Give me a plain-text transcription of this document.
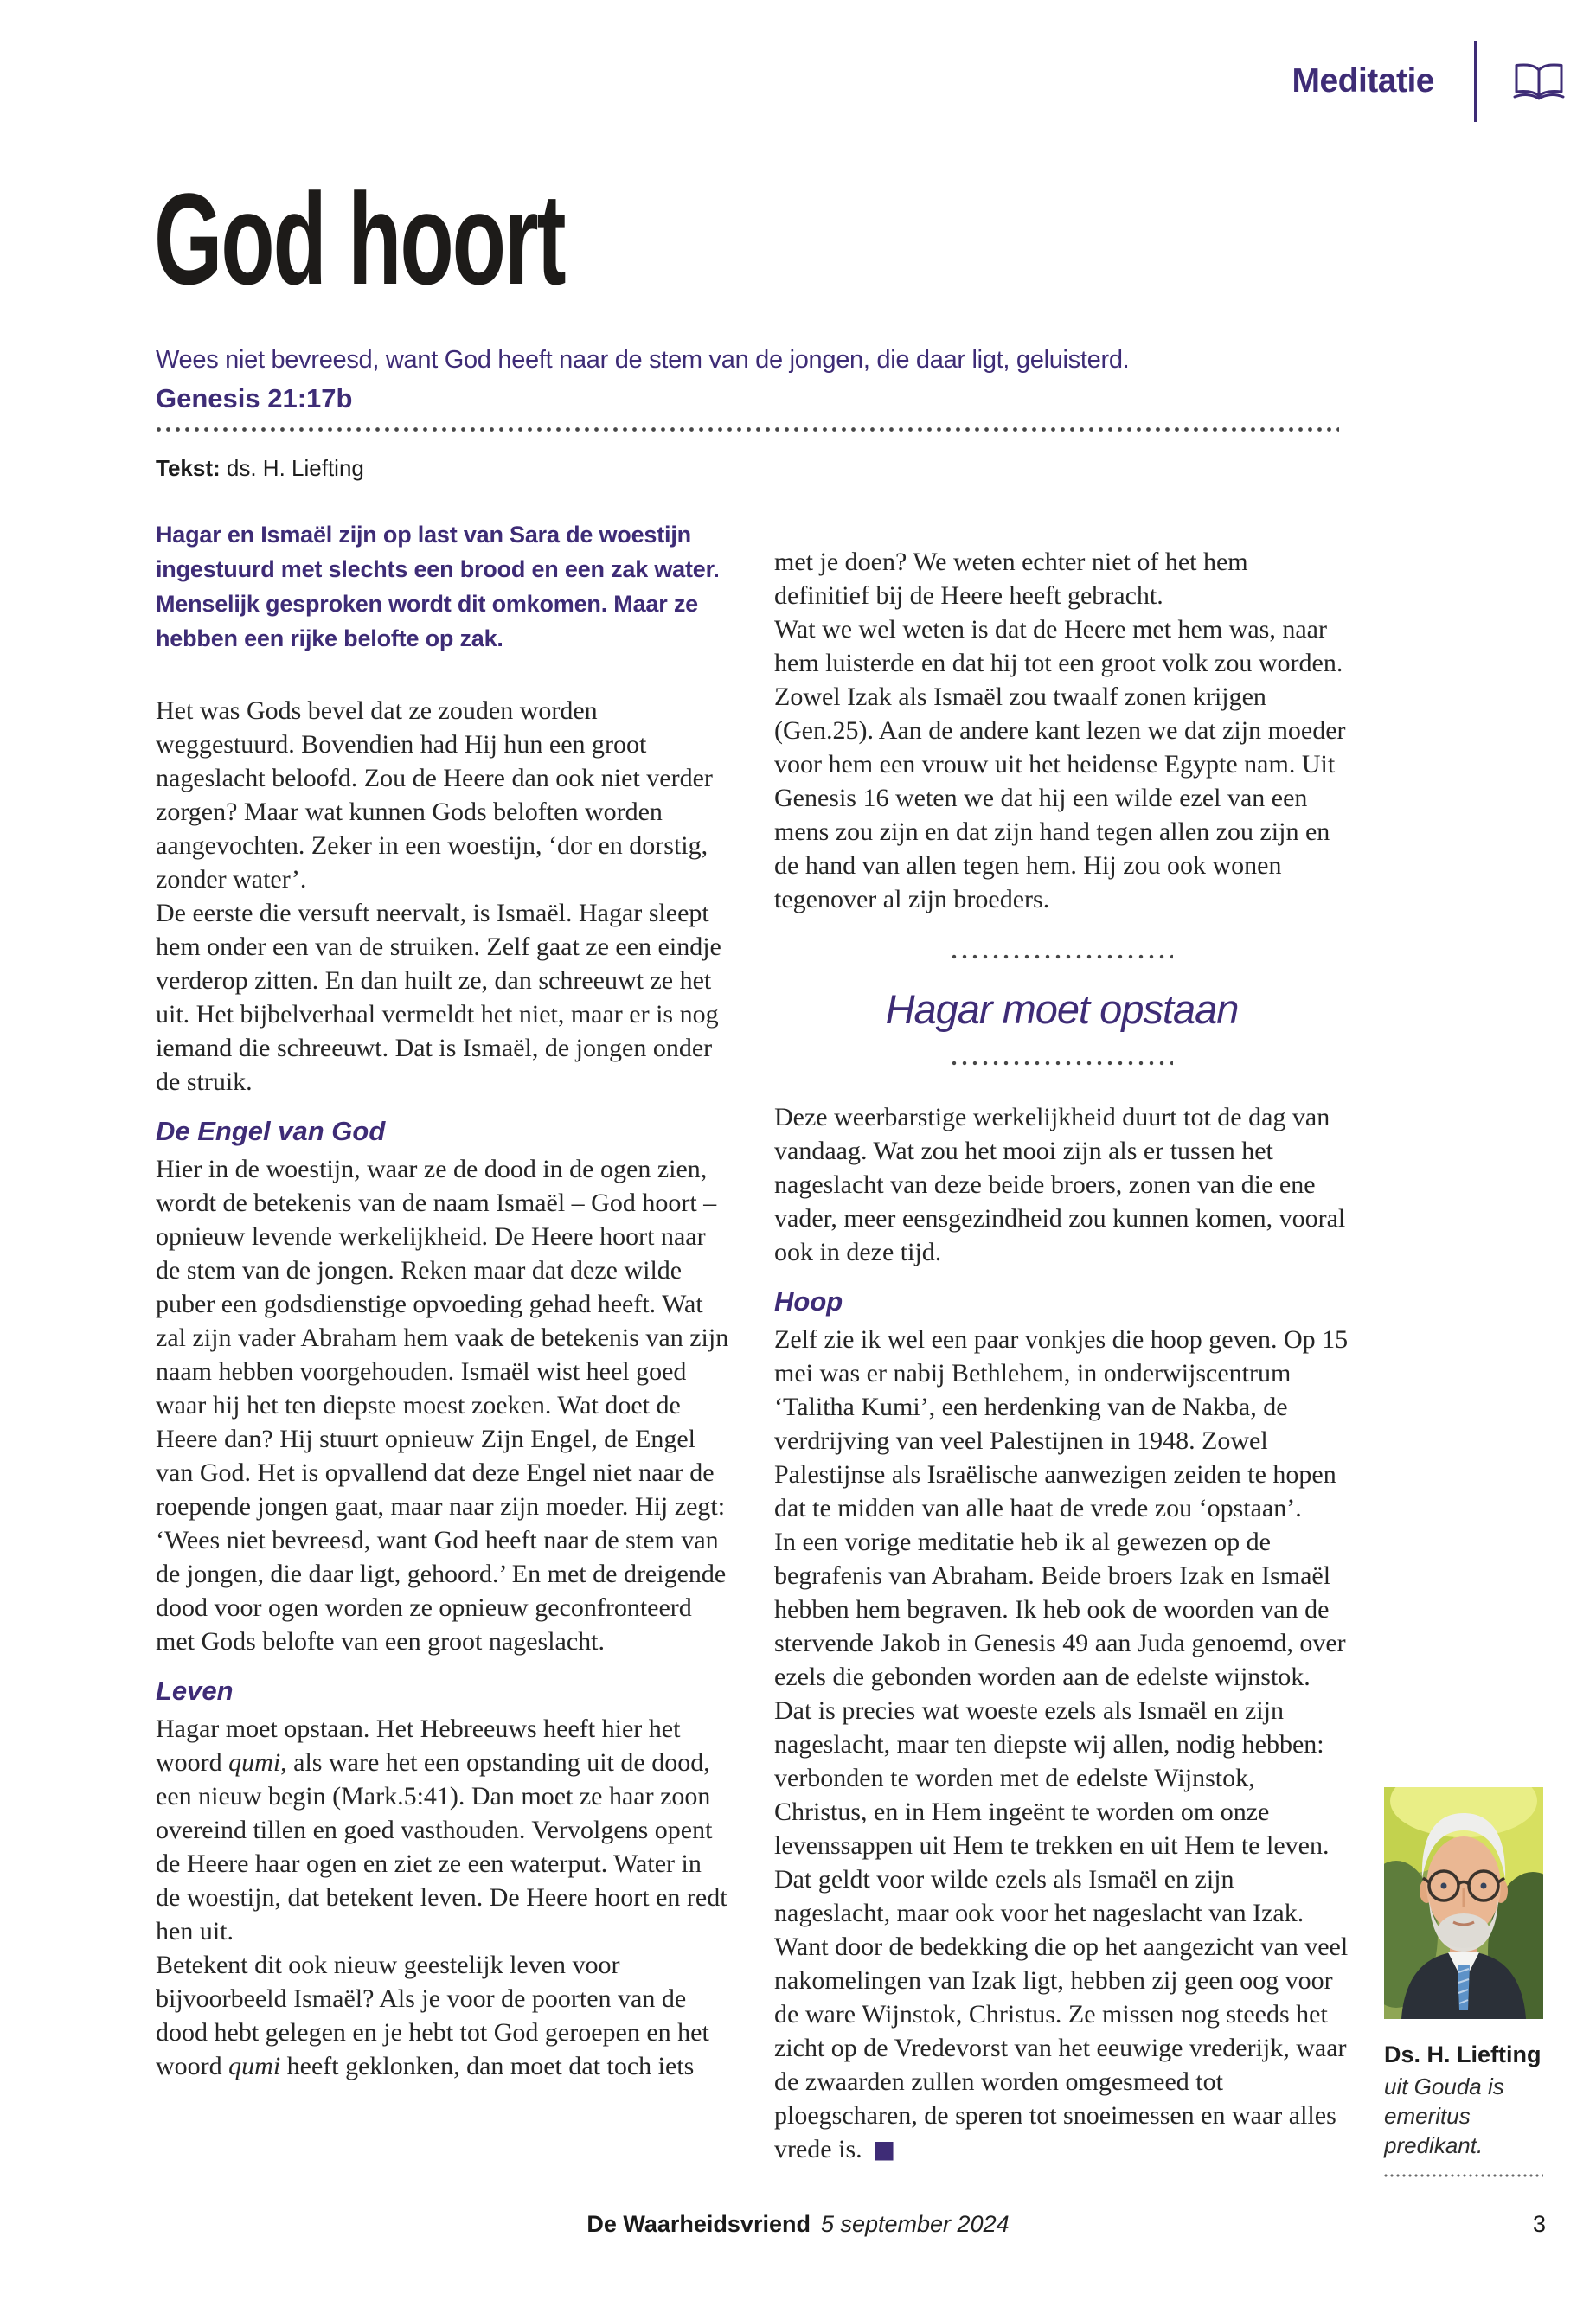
Meditatie
God hoort
Wees niet bevreesd, want God heeft naar de stem van de jongen, die daar ligt, geluisterd.
Genesis 21:17b
Tekst: ds. H. Liefting
Hagar en Ismaël zijn op last van Sara de woestijn ingestuurd met slechts een brood en een zak water. Menselijk gesproken wordt dit omkomen. Maar ze hebben een rijke belofte op zak.
Het was Gods bevel dat ze zouden worden weggestuurd. Bovendien had Hij hun een groot nageslacht beloofd. Zou de Heere dan ook niet verder zorgen? Maar wat kunnen Gods beloften worden aangevochten. Zeker in een woestijn, ‘dor en dorstig, zonder water’.
De eerste die versuft neervalt, is Ismaël. Hagar sleept hem onder een van de struiken. Zelf gaat ze een eindje verderop zitten. En dan huilt ze, dan schreeuwt ze het uit. Het bijbelverhaal vermeldt het niet, maar er is nog iemand die schreeuwt. Dat is Ismaël, de jongen onder de struik.
De Engel van God
Hier in de woestijn, waar ze de dood in de ogen zien, wordt de betekenis van de naam Ismaël – God hoort – opnieuw levende werkelijkheid. De Heere hoort naar de stem van de jongen. Reken maar dat deze wilde puber een godsdienstige opvoeding gehad heeft. Wat zal zijn vader Abraham hem vaak de betekenis van zijn naam hebben voorgehouden. Ismaël wist heel goed waar hij het ten diepste moest zoeken. Wat doet de Heere dan? Hij stuurt opnieuw Zijn Engel, de Engel van God. Het is opvallend dat deze Engel niet naar de roepende jongen gaat, maar naar zijn moeder. Hij zegt: ‘Wees niet bevreesd, want God heeft naar de stem van de jongen, die daar ligt, gehoord.’ En met de dreigende dood voor ogen worden ze opnieuw geconfronteerd met Gods belofte van een groot nageslacht.
Leven
Hagar moet opstaan. Het Hebreeuws heeft hier het woord qumi, als ware het een opstanding uit de dood, een nieuw begin (Mark.5:41). Dan moet ze haar zoon overeind tillen en goed vasthouden. Vervolgens opent de Heere haar ogen en ziet ze een waterput. Water in de woestijn, dat betekent leven. De Heere hoort en redt hen uit.
Betekent dit ook nieuw geestelijk leven voor bijvoorbeeld Ismaël? Als je voor de poorten van de dood hebt gelegen en je hebt tot God geroepen en het woord qumi heeft geklonken, dan moet dat toch iets
met je doen? We weten echter niet of het hem definitief bij de Heere heeft gebracht.
Wat we wel weten is dat de Heere met hem was, naar hem luisterde en dat hij tot een groot volk zou worden. Zowel Izak als Ismaël zou twaalf zonen krijgen (Gen.25). Aan de andere kant lezen we dat zijn moeder voor hem een vrouw uit het heidense Egypte nam. Uit Genesis 16 weten we dat hij een wilde ezel van een mens zou zijn en dat zijn hand tegen allen zou zijn en de hand van allen tegen hem. Hij zou ook wonen tegenover al zijn broeders.
Hagar moet opstaan
Deze weerbarstige werkelijkheid duurt tot de dag van vandaag. Wat zou het mooi zijn als er tussen het nageslacht van deze beide broers, zonen van die ene vader, meer eensgezindheid zou kunnen komen, vooral ook in deze tijd.
Hoop
Zelf zie ik wel een paar vonkjes die hoop geven. Op 15 mei was er nabij Bethlehem, in onderwijscentrum ‘Talitha Kumi’, een herdenking van de Nakba, de verdrijving van veel Palestijnen in 1948. Zowel Palestijnse als Israëlische aanwezigen zeiden te hopen dat te midden van alle haat de vrede zou ‘opstaan’.
In een vorige meditatie heb ik al gewezen op de begrafenis van Abraham. Beide broers Izak en Ismaël hebben hem begraven. Ik heb ook de woorden van de stervende Jakob in Genesis 49 aan Juda genoemd, over ezels die gebonden worden aan de edelste wijnstok. Dat is precies wat woeste ezels als Ismaël en zijn nageslacht, maar ten diepste wij allen, nodig hebben: verbonden te worden met de edelste Wijnstok, Christus, en in Hem ingeënt te worden om onze levenssappen uit Hem te trekken en uit Hem te leven.
Dat geldt voor wilde ezels als Ismaël en zijn nageslacht, maar ook voor het nageslacht van Izak. Want door de bedekking die op het aangezicht van veel nakomelingen van Izak ligt, hebben zij geen oog voor de ware Wijnstok, Christus. Ze missen nog steeds het zicht op de Vredevorst van het eeuwige vrederijk, waar de zwaarden zullen worden omgesmeed tot ploegscharen, de speren tot snoeimessen en waar alles vrede is. ■
Ds. H. Liefting
uit Gouda is emeritus predikant.
De Waarheidsvriend 5 september 2024	3
